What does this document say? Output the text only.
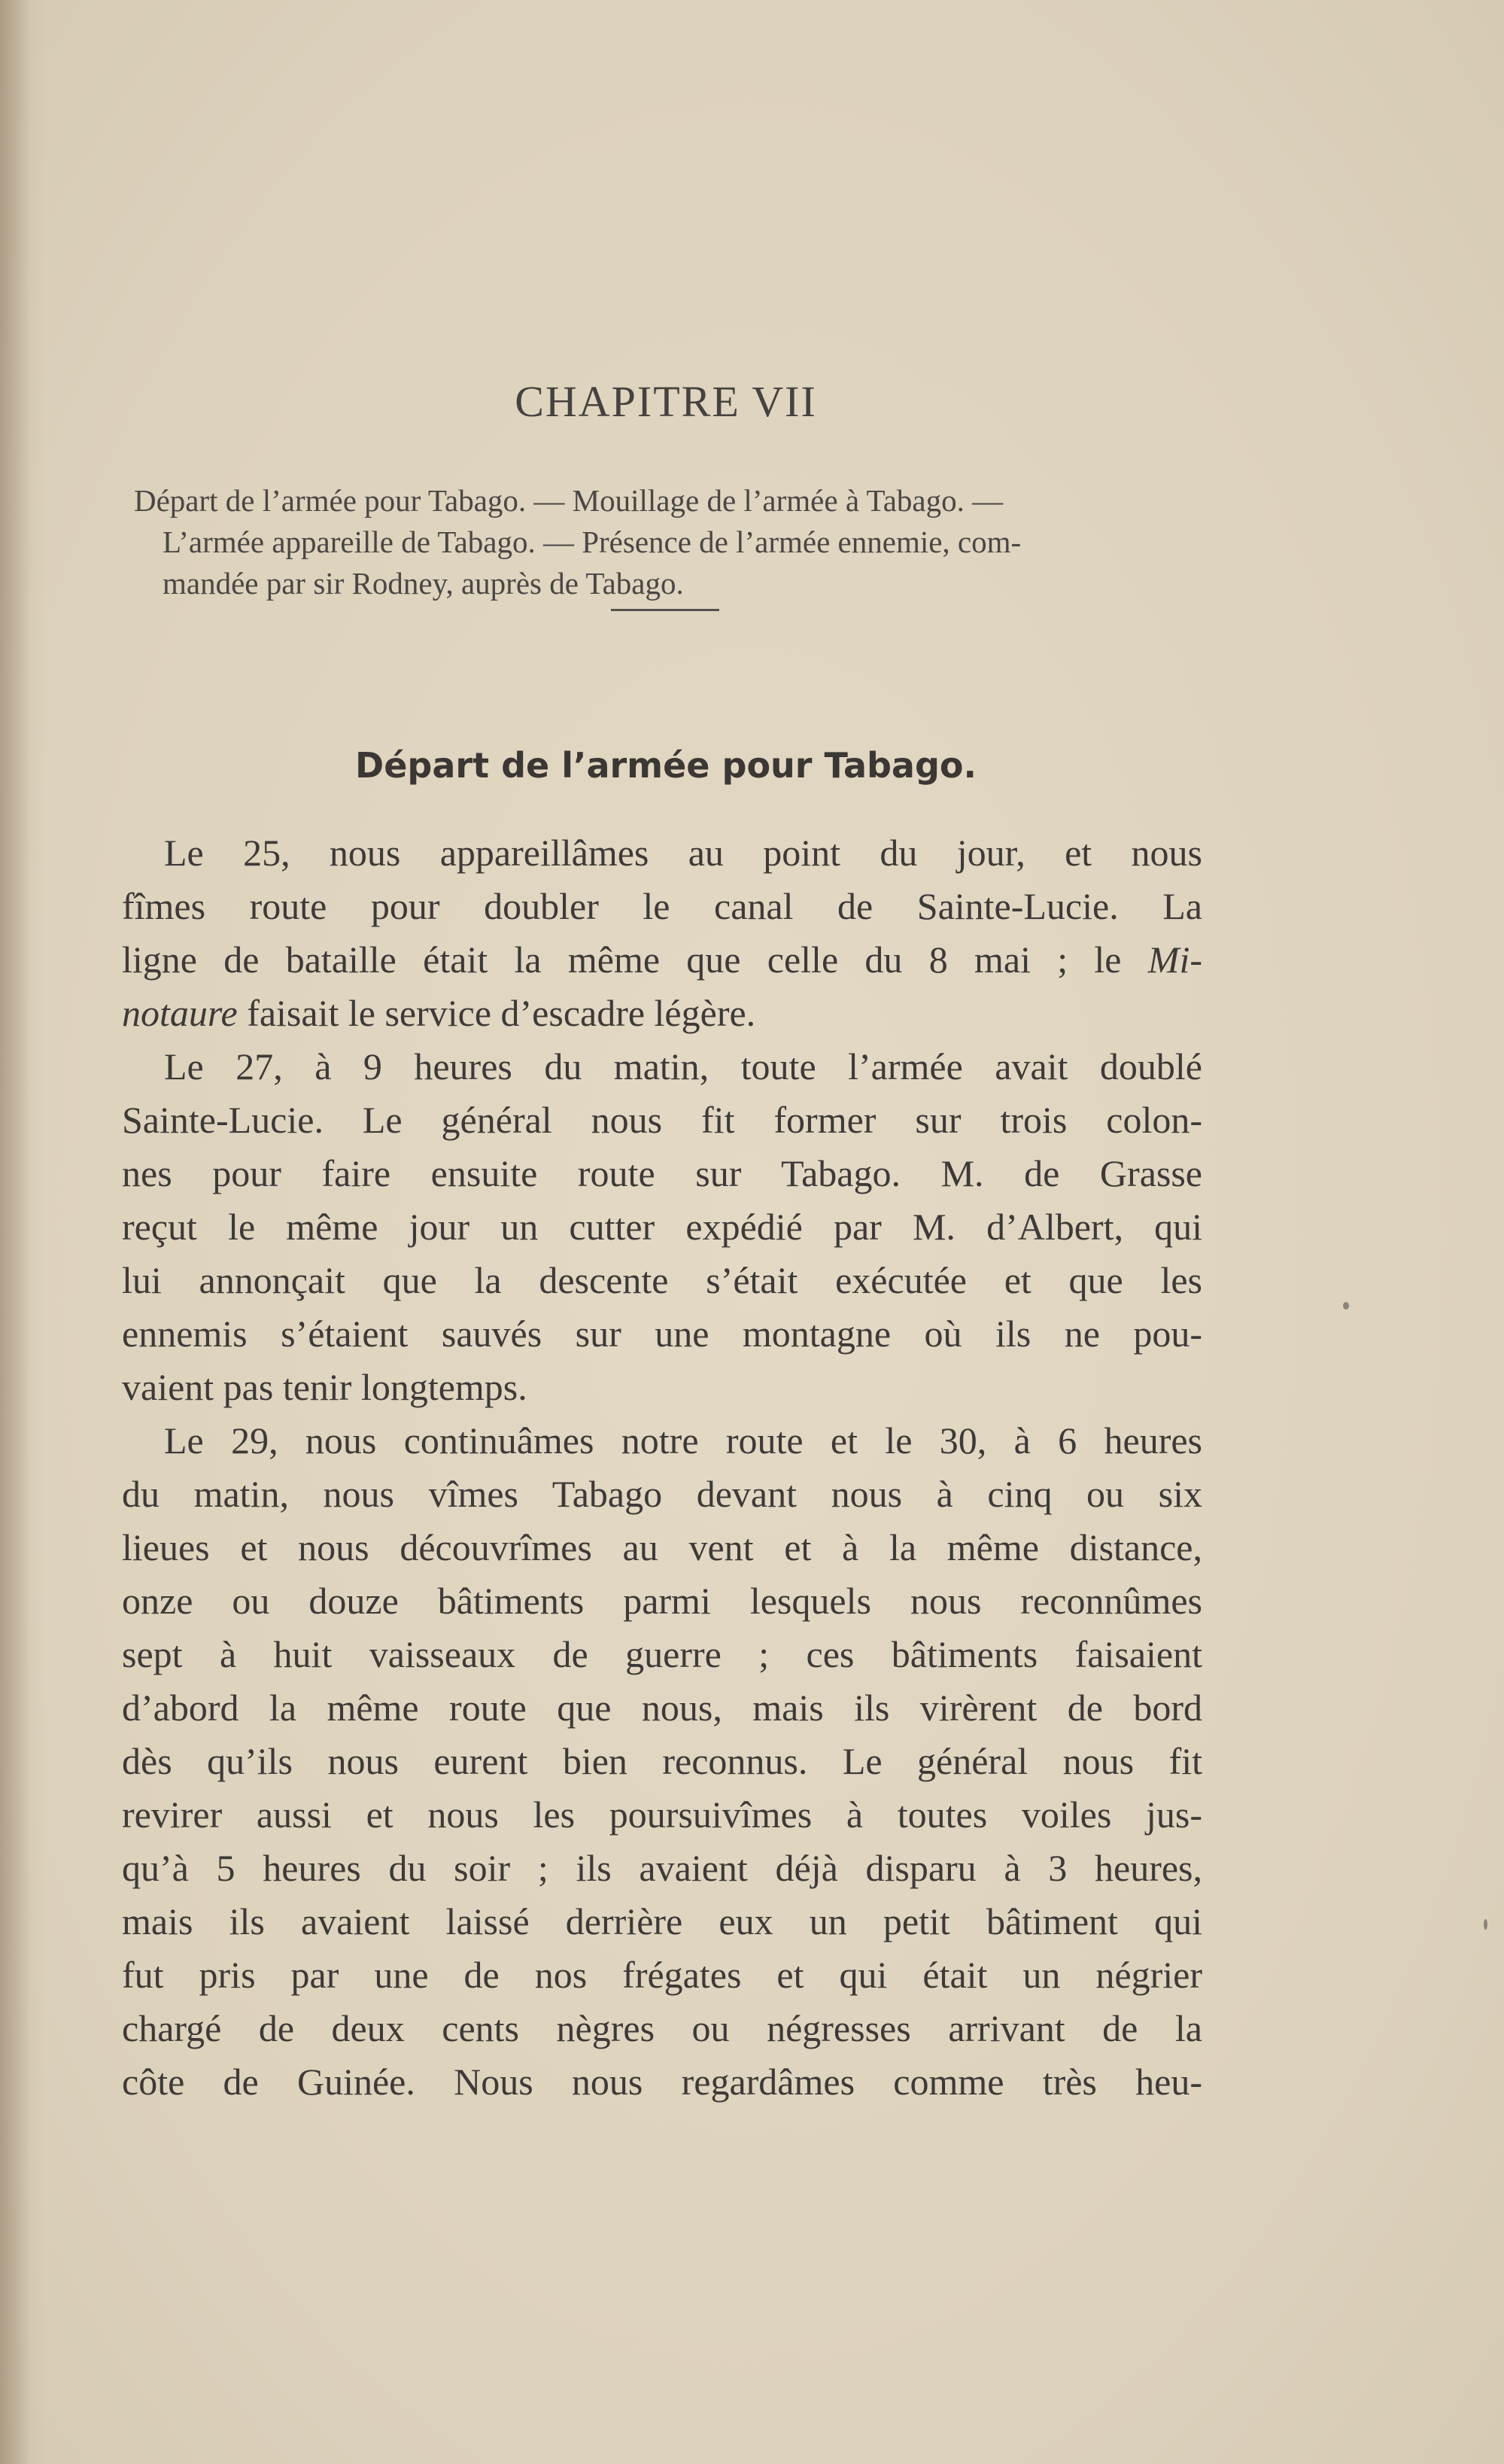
CHAPITRE VII
Départ de l’armée pour Tabago. — Mouillage de l’armée à Tabago. —
L’armée appareille de Tabago. — Présence de l’armée ennemie, com-
mandée par sir Rodney, auprès de Tabago.
Départ de l’armée pour Tabago.
Le 25, nous appareillâmes au point du jour, et nous
fîmes route pour doubler le canal de Sainte-Lucie. La
ligne de bataille était la même que celle du 8 mai ; le Mi-
notaure faisait le service d’escadre légère.
Le 27, à 9 heures du matin, toute l’armée avait doublé
Sainte-Lucie. Le général nous fit former sur trois colon-
nes pour faire ensuite route sur Tabago. M. de Grasse
reçut le même jour un cutter expédié par M. d’Albert, qui
lui annonçait que la descente s’était exécutée et que les
ennemis s’étaient sauvés sur une montagne où ils ne pou-
vaient pas tenir longtemps.
Le 29, nous continuâmes notre route et le 30, à 6 heures
du matin, nous vîmes Tabago devant nous à cinq ou six
lieues et nous découvrîmes au vent et à la même distance,
onze ou douze bâtiments parmi lesquels nous reconnûmes
sept à huit vaisseaux de guerre ; ces bâtiments faisaient
d’abord la même route que nous, mais ils virèrent de bord
dès qu’ils nous eurent bien reconnus. Le général nous fit
revirer aussi et nous les poursuivîmes à toutes voiles jus-
qu’à 5 heures du soir ; ils avaient déjà disparu à 3 heures,
mais ils avaient laissé derrière eux un petit bâtiment qui
fut pris par une de nos frégates et qui était un négrier
chargé de deux cents nègres ou négresses arrivant de la
côte de Guinée. Nous nous regardâmes comme très heu-
